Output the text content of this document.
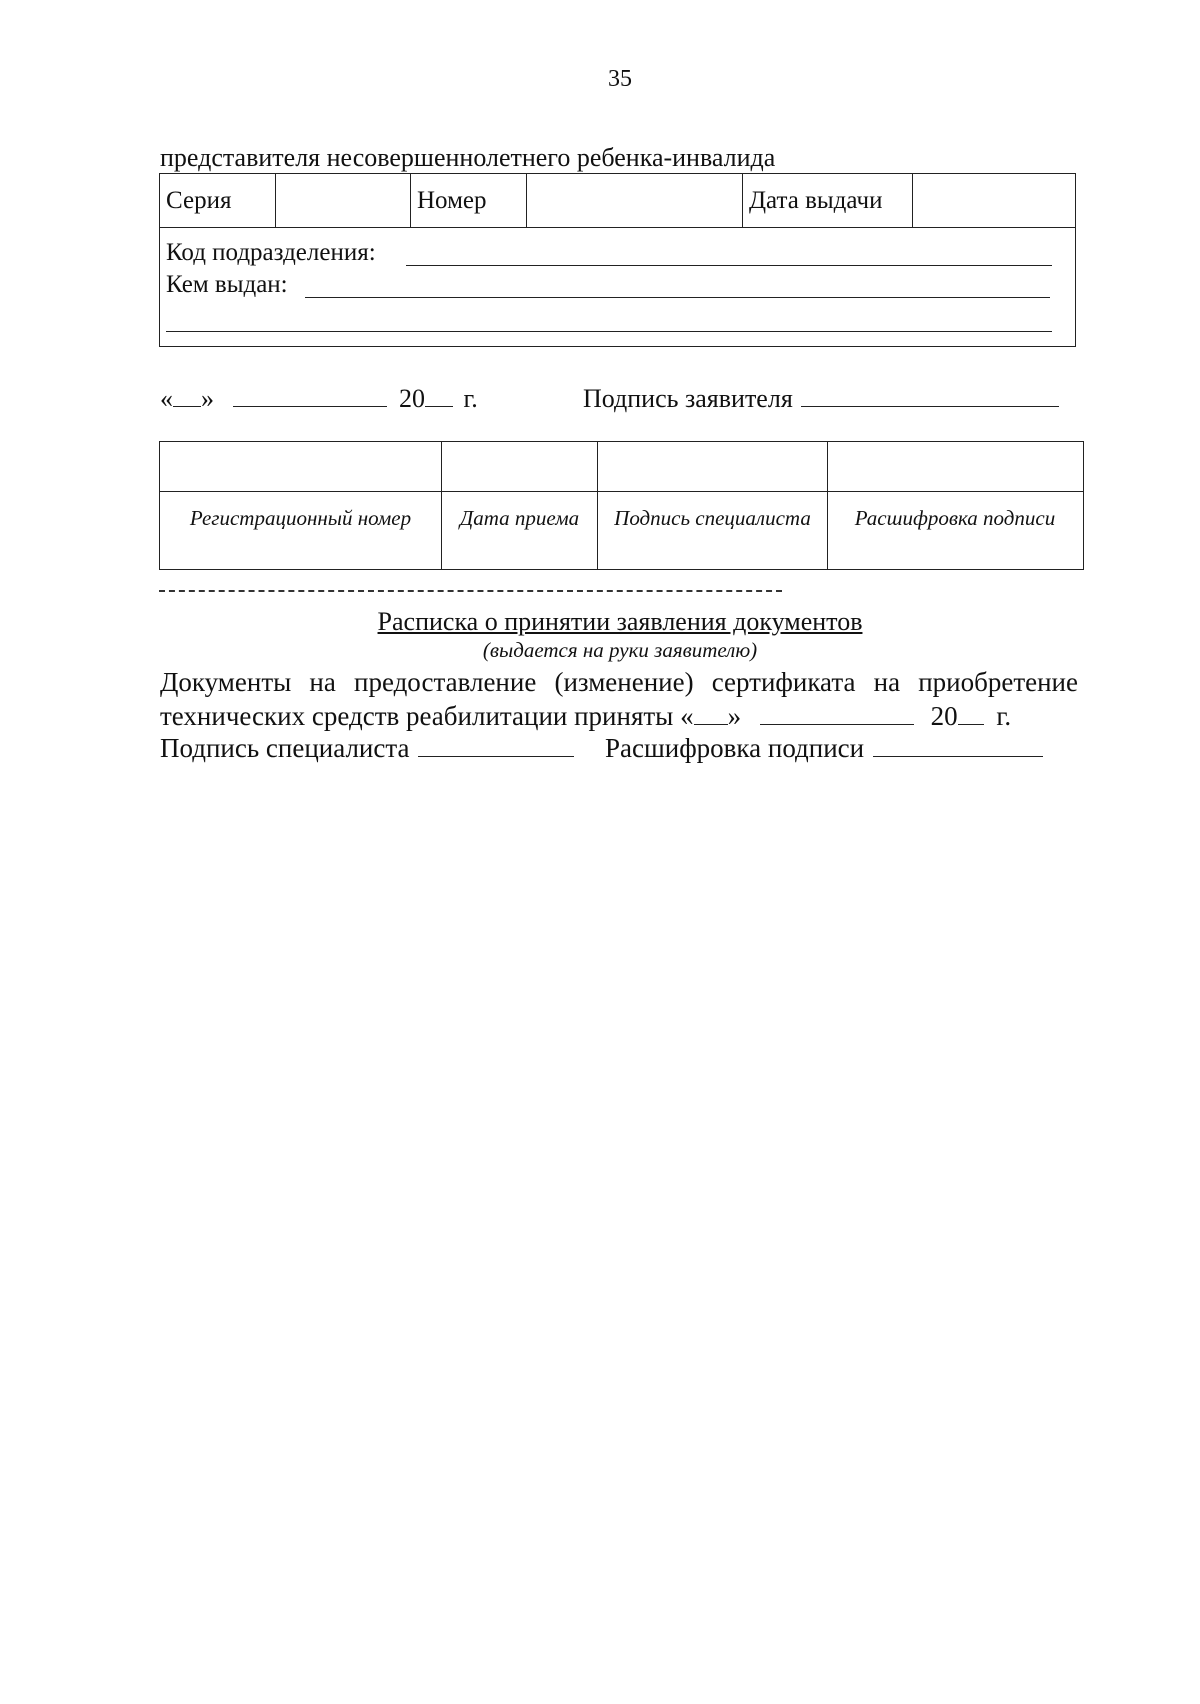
35
представителя несовершеннолетнего ребенка-инвалида
Серия	Номер	Дата выдачи
Код подразделения:
Кем выдан:
« »	20 г.	Подпись заявителя
Регистрационный номер	Дата приема	Подпись специалиста	Расшифровка подписи
Расписка о принятии заявления документов
(выдается на руки заявителю)
Документы на предоставление (изменение) сертификата на приобретение
технических средств реабилитации приняты « »	20 г.
Подпись специалиста	Расшифровка подписи
